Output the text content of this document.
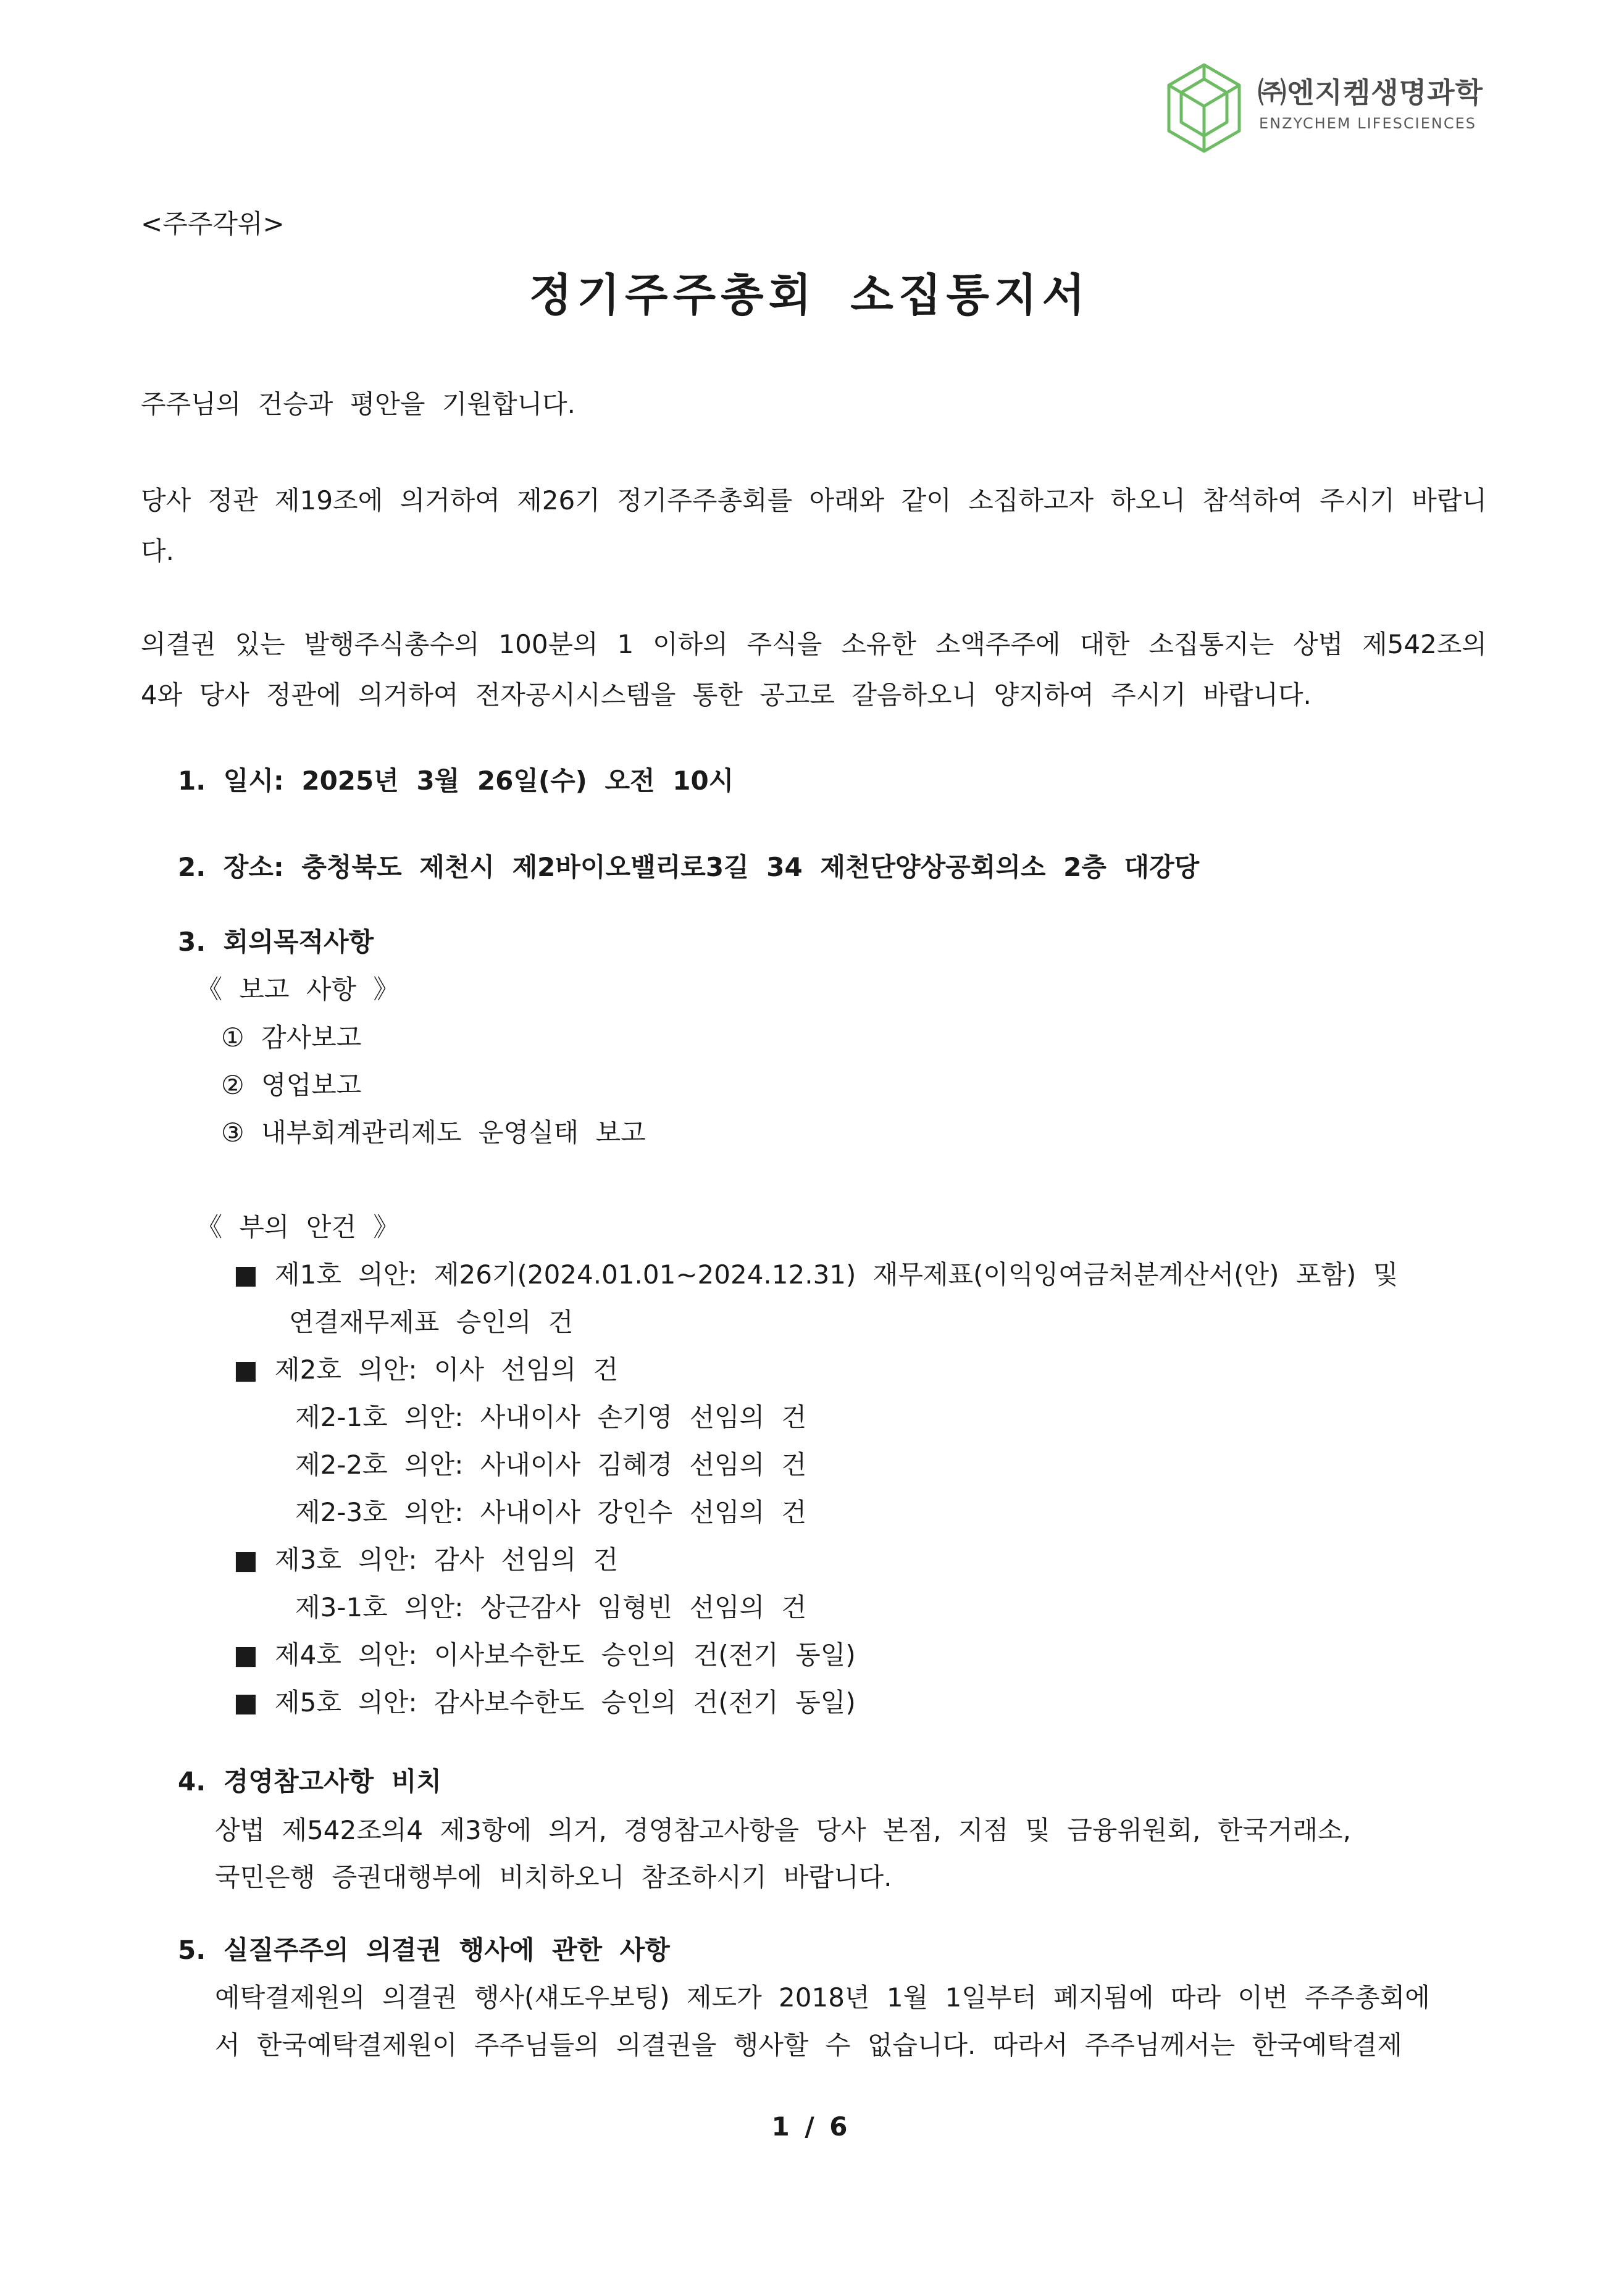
㈜엔지켐생명과학
ENZYCHEM LIFESCIENCES
<주주각위>
정기주주총회 소집통지서
주주님의 건승과 평안을 기원합니다.
당사 정관 제19조에 의거하여 제26기 정기주주총회를 아래와 같이 소집하고자 하오니 참석하여 주시기 바랍니다.
의결권 있는 발행주식총수의 100분의 1 이하의 주식을 소유한 소액주주에 대한 소집통지는 상법 제542조의 4와 당사 정관에 의거하여 전자공시시스템을 통한 공고로 갈음하오니 양지하여 주시기 바랍니다.
1. 일시: 2025년 3월 26일(수) 오전 10시
2. 장소: 충청북도 제천시 제2바이오밸리로3길 34 제천단양상공회의소 2층 대강당
3. 회의목적사항
《 보고 사항 》
① 감사보고
② 영업보고
③ 내부회계관리제도 운영실태 보고
《 부의 안건 》
■ 제1호 의안: 제26기(2024.01.01~2024.12.31) 재무제표(이익잉여금처분계산서(안) 포함) 및
연결재무제표 승인의 건
■ 제2호 의안: 이사 선임의 건
제2-1호 의안: 사내이사 손기영 선임의 건
제2-2호 의안: 사내이사 김혜경 선임의 건
제2-3호 의안: 사내이사 강인수 선임의 건
■ 제3호 의안: 감사 선임의 건
제3-1호 의안: 상근감사 임형빈 선임의 건
■ 제4호 의안: 이사보수한도 승인의 건(전기 동일)
■ 제5호 의안: 감사보수한도 승인의 건(전기 동일)
4. 경영참고사항 비치
상법 제542조의4 제3항에 의거, 경영참고사항을 당사 본점, 지점 및 금융위원회, 한국거래소,
국민은행 증권대행부에 비치하오니 참조하시기 바랍니다.
5. 실질주주의 의결권 행사에 관한 사항
예탁결제원의 의결권 행사(섀도우보팅) 제도가 2018년 1월 1일부터 폐지됨에 따라 이번 주주총회에
서 한국예탁결제원이 주주님들의 의결권을 행사할 수 없습니다. 따라서 주주님께서는 한국예탁결제
1 / 6
